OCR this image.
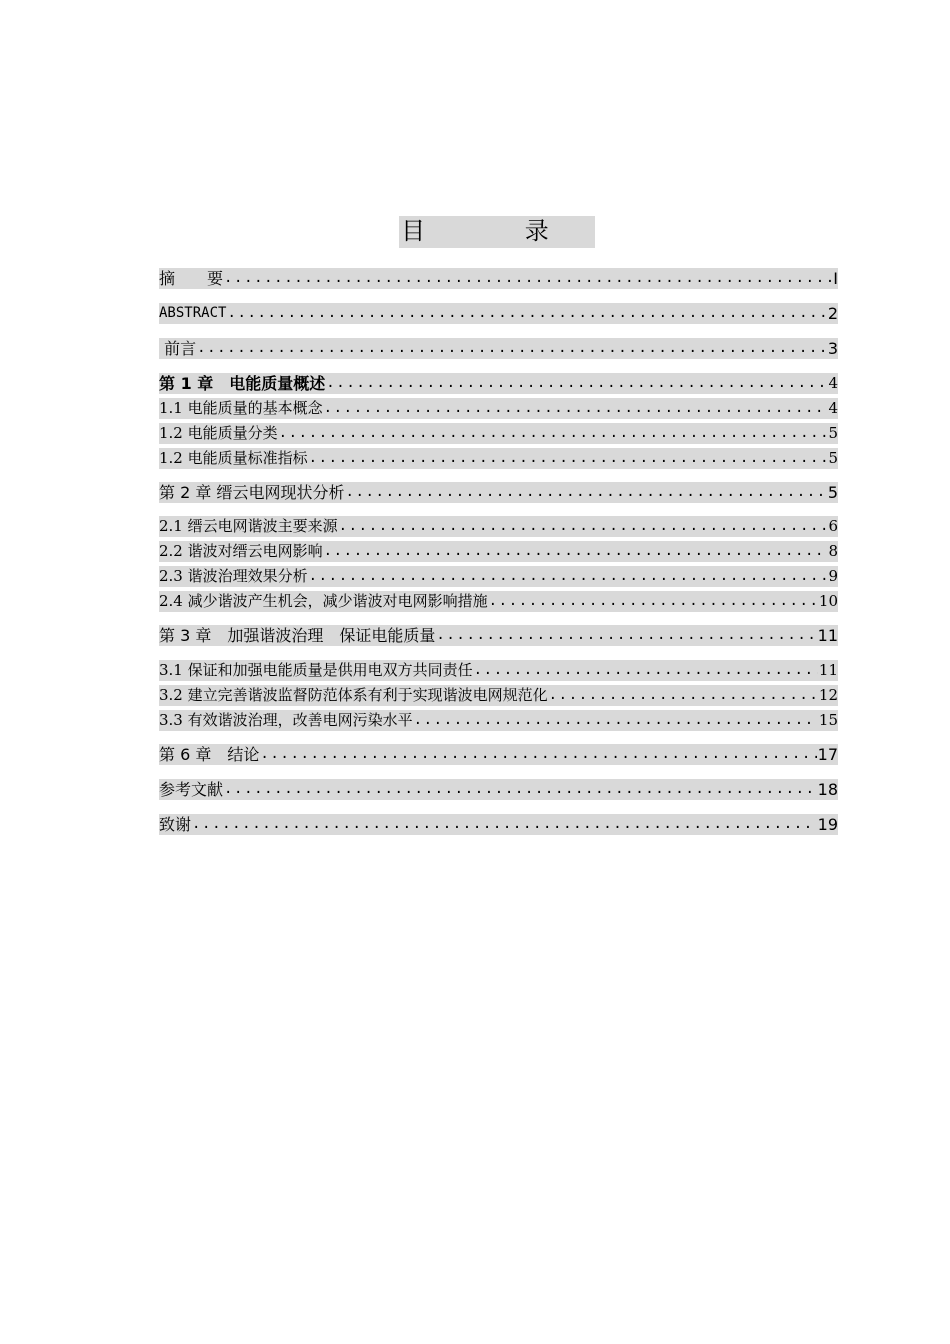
目 录
摘　　要 .....	I
ABSTRACT .....	2
前言 .....	3
第 1 章　电能质量概述 .....	4
1.1 电能质量的基本概念 .....	4
1.2 电能质量分类 .....	5
1.2 电能质量标准指标 .....	5
第 2 章 缙云电网现状分析 .....	5
2.1 缙云电网谐波主要来源 .....	6
2.2 谐波对缙云电网影响 .....	8
2.3 谐波治理效果分析 .....	9
2.4 减少谐波产生机会，减少谐波对电网影响措施 .....	10
第 3 章　加强谐波治理　保证电能质量 .....	11
3.1 保证和加强电能质量是供用电双方共同责任 .....	11
3.2 建立完善谐波监督防范体系有利于实现谐波电网规范化 .....	12
3.3 有效谐波治理，改善电网污染水平 .....	15
第 6 章　结论 .....	17
参考文献 .....	18
致谢 .....	19
